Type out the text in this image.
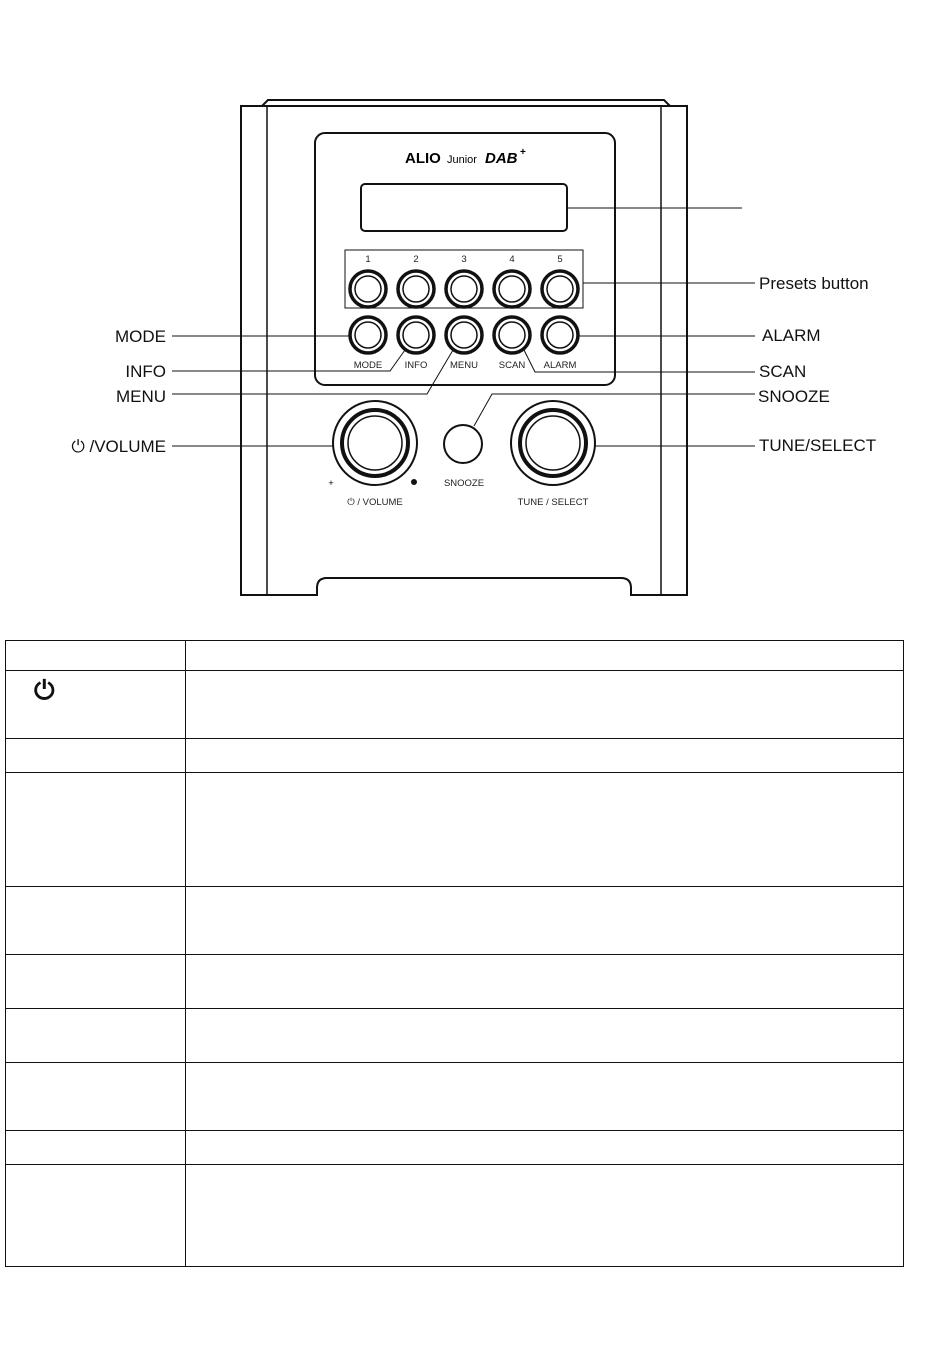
ALIO Junior DAB +
1	2	3	4	5
MODE INFO MENU SCAN ALARM
+
⏻ / VOLUME
SNOOZE
TUNE / SELECT
Presets button
ALARM
SCAN
SNOOZE
TUNE/SELECT
MODE
INFO
MENU
⏻ /VOLUME

⏻	
